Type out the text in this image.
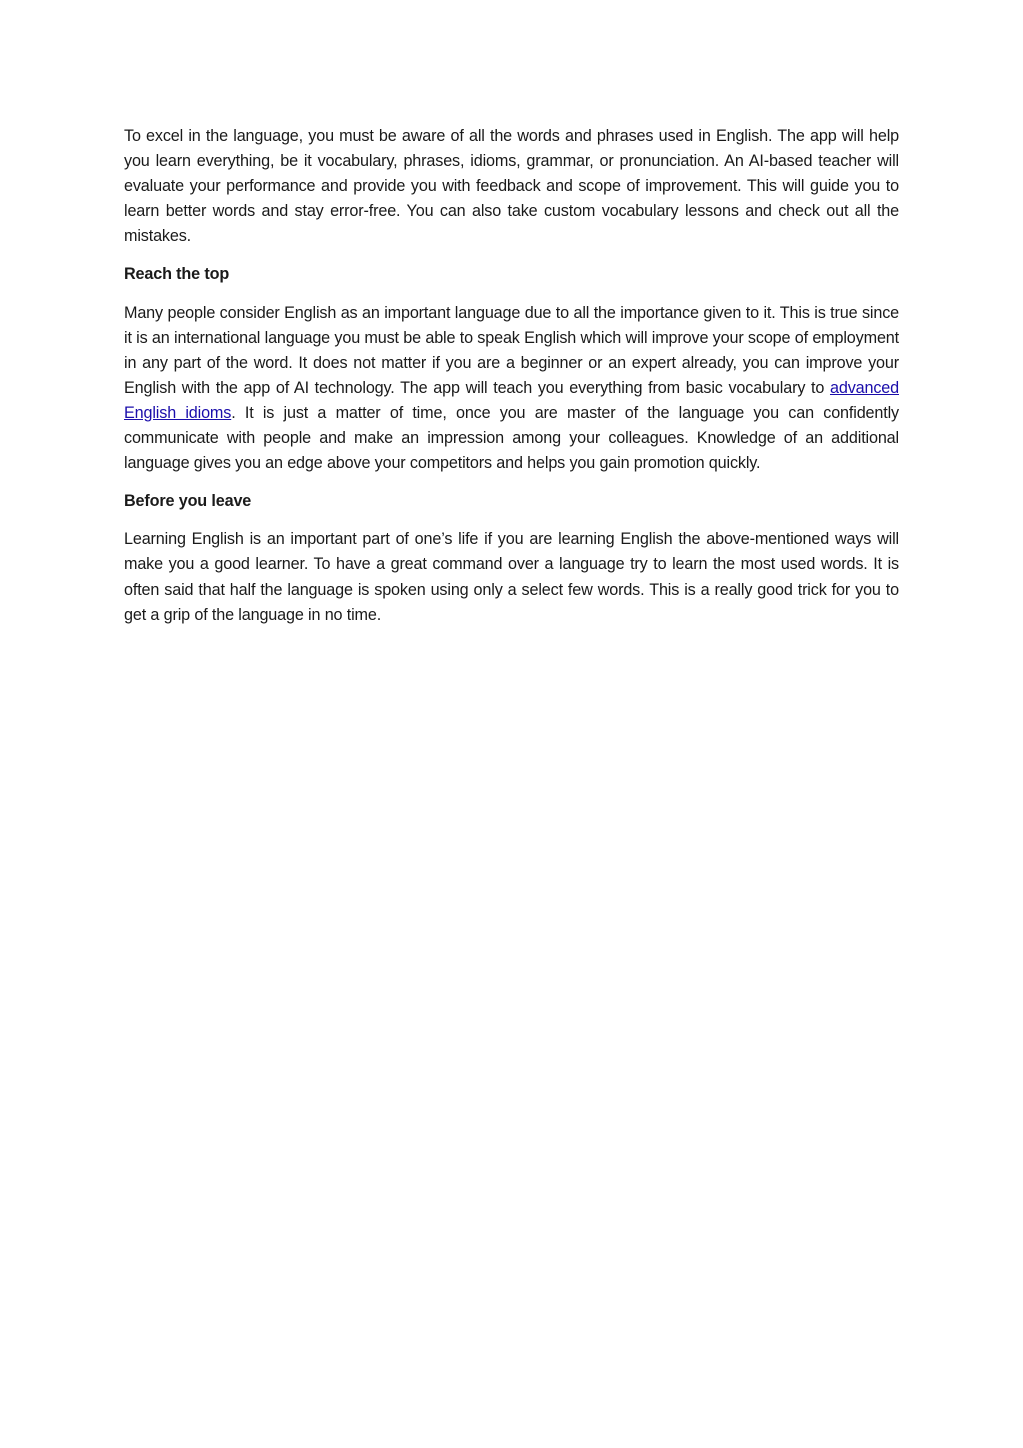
To excel in the language, you must be aware of all the words and phrases used in English. The app will help you learn everything, be it vocabulary, phrases, idioms, grammar, or pronunciation. An AI-based teacher will evaluate your performance and provide you with feedback and scope of improvement. This will guide you to learn better words and stay error-free. You can also take custom vocabulary lessons and check out all the mistakes.

Reach the top

Many people consider English as an important language due to all the importance given to it. This is true since it is an international language you must be able to speak English which will improve your scope of employment in any part of the word. It does not matter if you are a beginner or an expert already, you can improve your English with the app of AI technology. The app will teach you everything from basic vocabulary to advanced English idioms. It is just a matter of time, once you are master of the language you can confidently communicate with people and make an impression among your colleagues. Knowledge of an additional language gives you an edge above your competitors and helps you gain promotion quickly.

Before you leave

Learning English is an important part of one’s life if you are learning English the above-mentioned ways will make you a good learner. To have a great command over a language try to learn the most used words. It is often said that half the language is spoken using only a select few words. This is a really good trick for you to get a grip of the language in no time.
